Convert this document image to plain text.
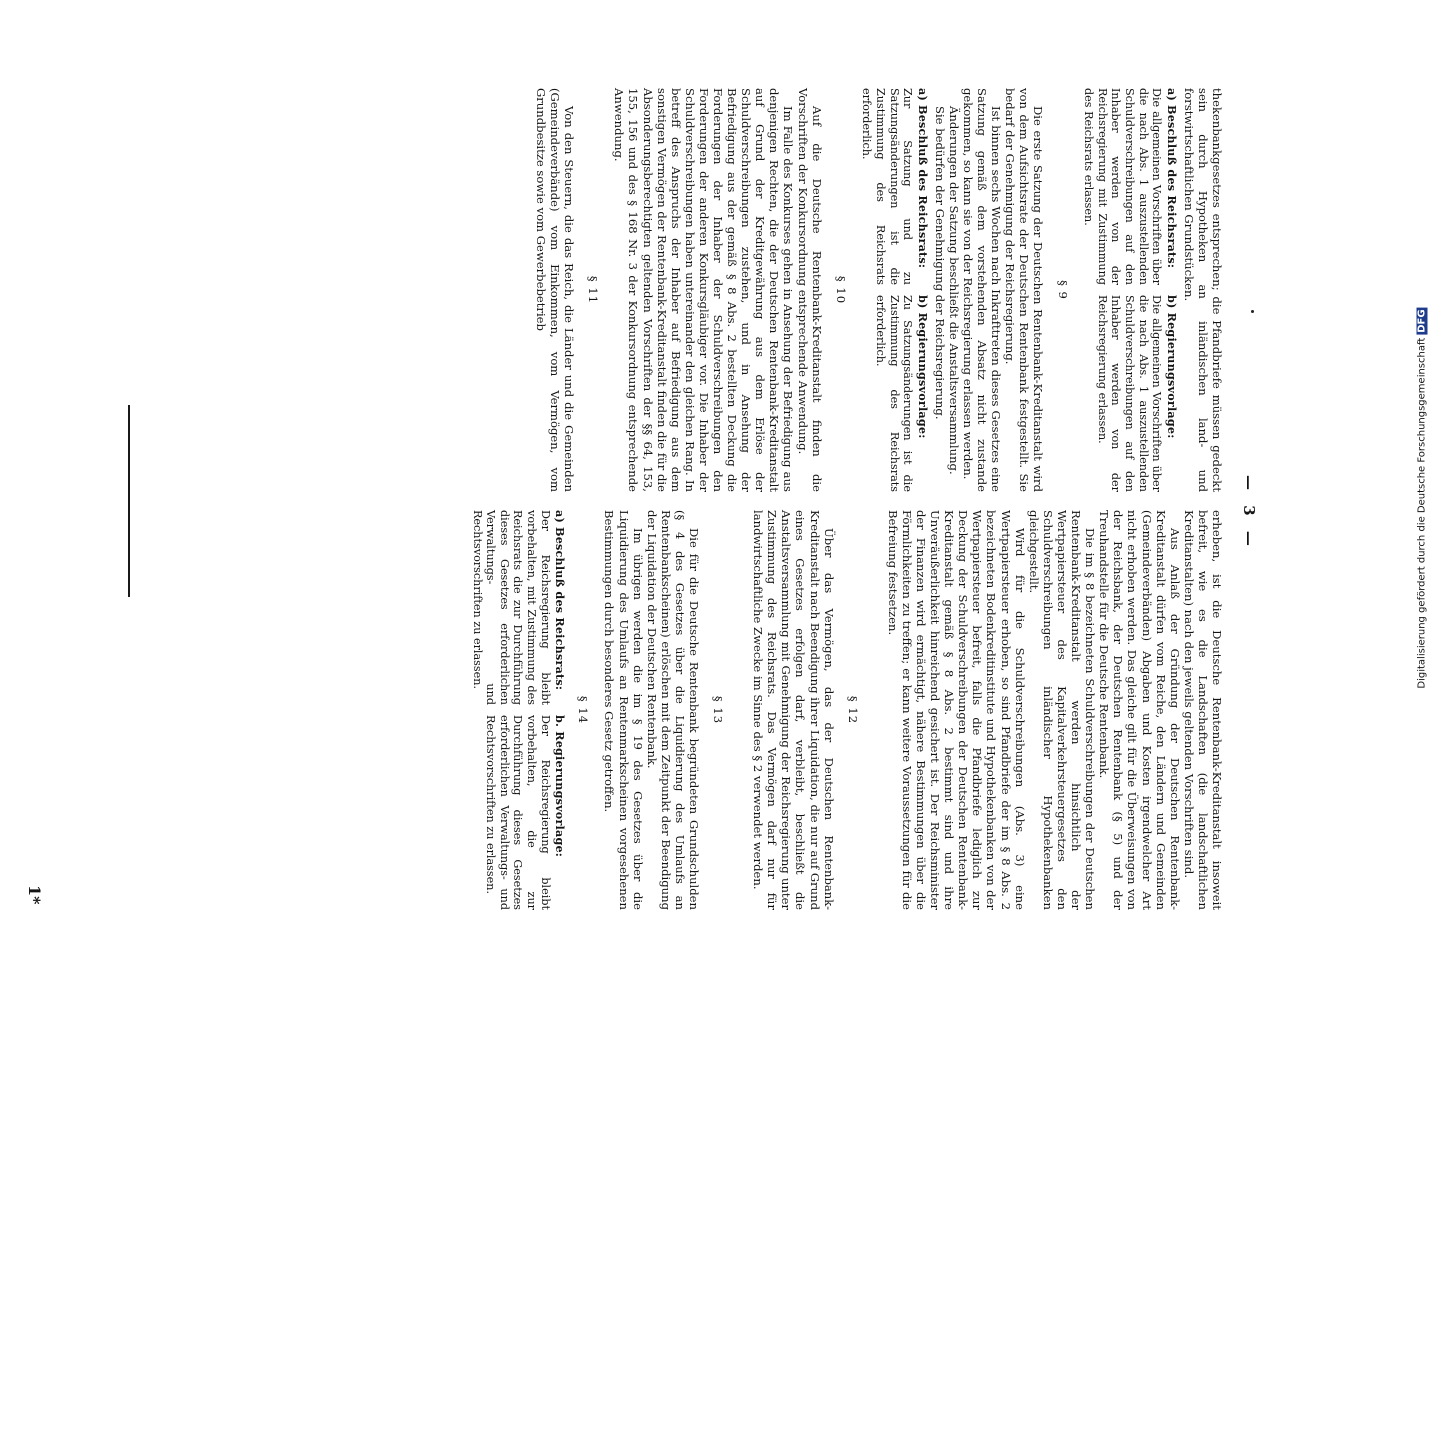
— 3 —

thekenbankgesetzes entsprechen; die Pfandbriefe müssen gedeckt sein durch Hypotheken an inländischen land- und forstwirtschaftlichen Grundstücken.

a) Beschluß des Reichsrats:
Die allgemeinen Vorschriften über die nach Abs. 1 auszustellenden Schuldverschreibungen auf den Inhaber werden von der Reichsregierung mit Zustimmung des Reichsrats erlassen.
b) Regierungsvorlage:
Die allgemeinen Vorschriften über die nach Abs. 1 auszustellenden Schuldverschreibungen auf den Inhaber werden von der Reichsregierung erlassen.

§ 9

Die erste Satzung der Deutschen Rentenbank-Kreditanstalt wird von dem Aufsichtsrate der Deutschen Rentenbank festgestellt. Sie bedarf der Genehmigung der Reichsregierung.

Ist binnen sechs Wochen nach Inkrafttreten dieses Gesetzes eine Satzung gemäß dem vorstehenden Absatz nicht zustande gekommen, so kann sie von der Reichsregierung erlassen werden.

Änderungen der Satzung beschließt die Anstaltsversammlung.

Sie bedürfen der Genehmigung der Reichsregierung.

a) Beschluß des Reichsrats:
Zur Satzung und zu Satzungsänderungen ist die Zustimmung des Reichsrats erforderlich.
b) Regierungsvorlage:
Zu Satzungsänderungen ist die Zustimmung des Reichsrats erforderlich.

§ 10

Auf die Deutsche Rentenbank-Kreditanstalt finden die Vorschriften der Konkursordnung entsprechende Anwendung.

Im Falle des Konkurses gehen in Ansehung der Befriedigung aus denjenigen Rechten, die der Deutschen Rentenbank-Kreditanstalt auf Grund der Kreditgewährung aus dem Erlöse der Schuldverschreibungen zustehen, und in Ansehung der Befriedigung aus der gemäß § 8 Abs. 2 bestellten Deckung die Forderungen der Inhaber der Schuldverschreibungen den Forderungen der anderen Konkursgläubiger vor. Die Inhaber der Schuldverschreibungen haben untereinander den gleichen Rang. In betreff des Anspruchs der Inhaber auf Befriedigung aus dem sonstigen Vermögen der Rentenbank-Kreditanstalt finden die für die Absonderungsberechtigten geltenden Vorschriften der §§ 64, 153, 155, 156 und des § 168 Nr. 3 der Konkursordnung entsprechende Anwendung.

§ 11

Von den Steuern, die das Reich, die Länder und die Gemeinden (Gemeindeverbände) vom Einkommen, vom Vermögen, vom Grundbesitze sowie vom Gewerbebetrieb

erheben, ist die Deutsche Rentenbank-Kreditanstalt insoweit befreit, wie es die Landschaften (die landschaftlichen Kreditanstalten) nach den jeweils geltenden Vorschriften sind.

Aus Anlaß der Gründung der Deutschen Rentenbank-Kreditanstalt dürfen vom Reiche, den Ländern und Gemeinden (Gemeindeverbänden) Abgaben und Kosten irgendwelcher Art nicht erhoben werden. Das gleiche gilt für die Überweisungen von der Reichsbank, der Deutschen Rentenbank (§ 5) und der Treuhandstelle für die Deutsche Rentenbank.

Die im § 8 bezeichneten Schuldverschreibungen der Deutschen Rentenbank-Kreditanstalt werden hinsichtlich der Wertpapiersteuer des Kapitalverkehrsteuergesetzes den Schuldverschreibungen inländischer Hypothekenbanken gleichgestellt.

Wird für die Schuldverschreibungen (Abs. 3) eine Wertpapiersteuer erhoben, so sind Pfandbriefe der im § 8 Abs. 2 bezeichneten Bodenkreditinstitute und Hypothekenbanken von der Wertpapiersteuer befreit, falls die Pfandbriefe lediglich zur Deckung der Schuldverschreibungen der Deutschen Rentenbank-Kreditanstalt gemäß § 8 Abs. 2 bestimmt sind und ihre Unveräußerlichkeit hinreichend gesichert ist. Der Reichsminister der Finanzen wird ermächtigt, nähere Bestimmungen über die Förmlichkeiten zu treffen; er kann weitere Voraussetzungen für die Befreiung festsetzen.

§ 12

Über das Vermögen, das der Deutschen Rentenbank-Kreditanstalt nach Beendigung ihrer Liquidation, die nur auf Grund eines Gesetzes erfolgen darf, verbleibt, beschließt die Anstaltsversammlung mit Genehmigung der Reichsregierung unter Zustimmung des Reichsrats. Das Vermögen darf nur für landwirtschaftliche Zwecke im Sinne des § 2 verwendet werden.

§ 13

Die für die Deutsche Rentenbank begründeten Grundschulden (§ 4 des Gesetzes über die Liquidierung des Umlaufs an Rentenbankscheinen) erlöschen mit dem Zeitpunkt der Beendigung der Liquidation der Deutschen Rentenbank.

Im übrigen werden die im § 19 des Gesetzes über die Liquidierung des Umlaufs an Rentenmarkscheinen vorgesehenen Bestimmungen durch besonderes Gesetz getroffen.

§ 14

a) Beschluß des Reichsrats:
Der Reichsregierung bleibt vorbehalten, mit Zustimmung des Reichsrats die zur Durchführung dieses Gesetzes erforderlichen Verwaltungs- und Rechtsvorschriften zu erlassen.
b. Regierungsvorlage:
Der Reichsregierung bleibt vorbehalten, die zur Durchführung dieses Gesetzes erforderlichen Verwaltungs- und Rechtsvorschriften zu erlassen.
1*
Digitalisierung gefördert durch die Deutsche ForschungsgemeinschaftDFG
